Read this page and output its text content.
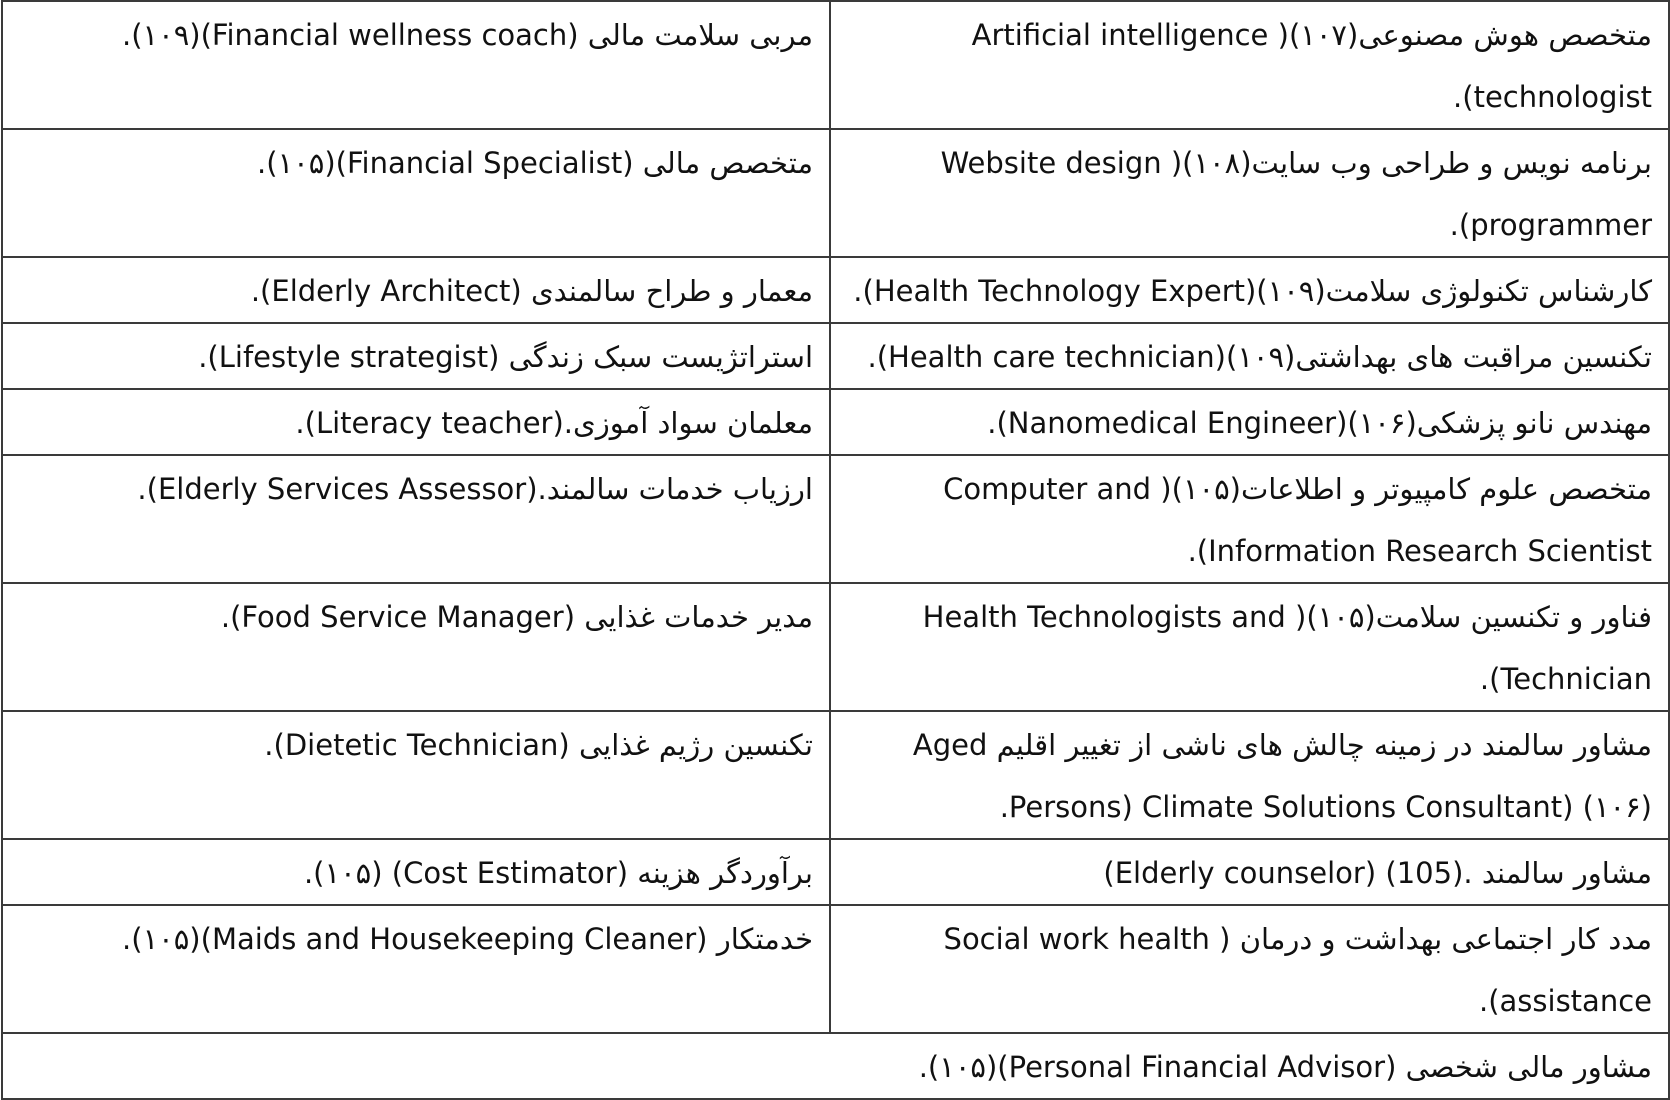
متخصص هوش مصنوعی(۱۰۷)( Artificial intelligence technologist).	مربی سلامت مالی (Financial wellness coach)(۱۰۹).

برنامه نویس و طراحی وب سایت(۱۰۸)( Website design programmer).	متخصص مالی (Financial Specialist)(۱۰۵).

کارشناس تکنولوژی سلامت(۱۰۹)(Health Technology Expert).	معمار و طراح سالمندی (Elderly Architect).

تکنسین مراقبت های بهداشتی(۱۰۹)(Health care technician).	استراتژیست سبک زندگی (Lifestyle strategist).

مهندس نانو پزشکی(۱۰۶)(Nanomedical Engineer).	معلمان سواد آموزی.(Literacy teacher).

متخصص علوم کامپیوتر و اطلاعات(۱۰۵)( Computer and Information Research Scientist).	ارزیاب خدمات سالمند.(Elderly Services Assessor).

فناور و تکنسین سلامت(۱۰۵)( Health Technologists and Technician).	مدیر خدمات غذایی (Food Service Manager).

مشاور سالمند در زمینه چالش های ناشی از تغییر اقلیم Aged Persons) Climate Solutions Consultant) (۱۰۶).	تکنسین رژیم غذایی (Dietetic Technician).

مشاور سالمند .(105) (Elderly counselor)	برآوردگر هزینه (Cost Estimator) (۱۰۵).

مدد کار اجتماعی بهداشت و درمان ( Social work health assistance).	خدمتکار (Maids and Housekeeping Cleaner)(۱۰۵).

مشاور مالی شخصی (Personal Financial Advisor)(۱۰۵).	
